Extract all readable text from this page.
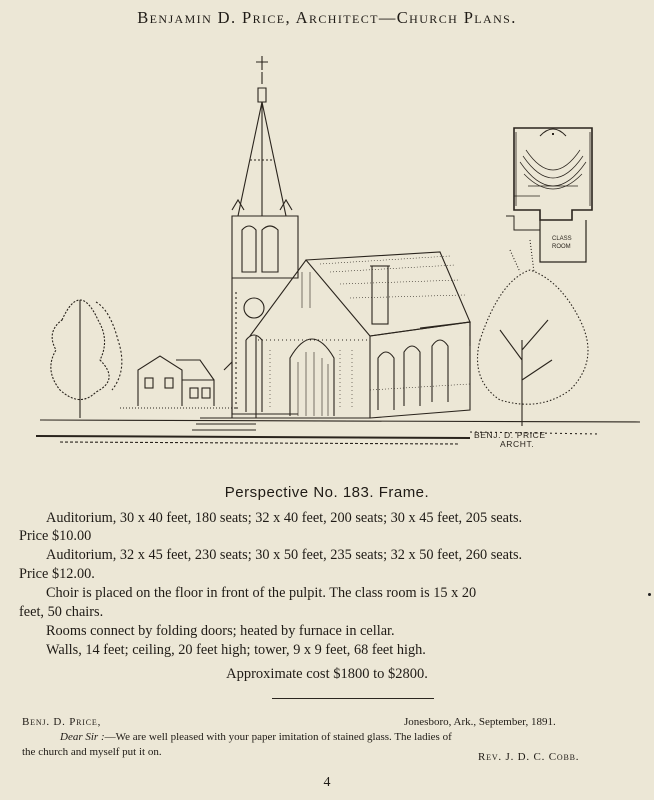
Benjamin D. Price, Architect—Church Plans.
CLASS
ROOM
BENJ. D. PRICE
ARCHT.
Perspective No. 183. Frame.
Auditorium, 30 x 40 feet, 180 seats; 32 x 40 feet, 200 seats; 30 x 45 feet, 205 seats.
Price $10.00
Auditorium, 32 x 45 feet, 230 seats; 30 x 50 feet, 235 seats; 32 x 50 feet, 260 seats.
Price $12.00.
Choir is placed on the floor in front of the pulpit. The class room is 15 x 20
feet, 50 chairs.
Rooms connect by folding doors; heated by furnace in cellar.
Walls, 14 feet; ceiling, 20 feet high; tower, 9 x 9 feet, 68 feet high.
Approximate cost $1800 to $2800.
Benj. D. Price,	Jonesboro, Ark., September, 1891.
Dear Sir :—We are well pleased with your paper imitation of stained glass. The ladies of
the church and myself put it on.	Rev. J. D. C. Cobb.
4
